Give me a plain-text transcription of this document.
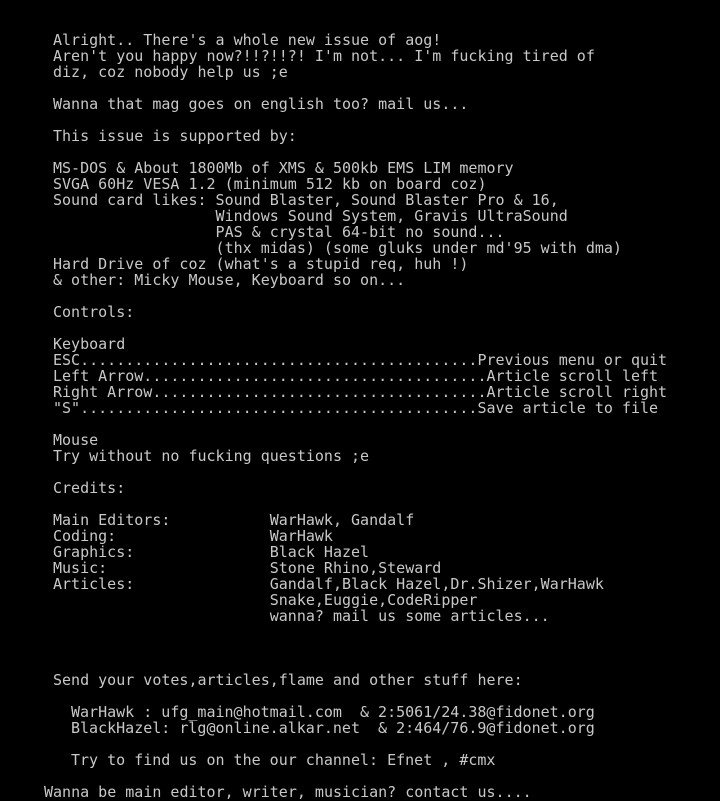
Alright.. There's a whole new issue of aog!
Aren't you happy now?!!?!!?! I'm not... I'm fucking tired of
diz, coz nobody help us ;e
Wanna that mag goes on english too? mail us...
This issue is supported by:
MS-DOS & About 1800Mb of XMS & 500kb EMS LIM memory
SVGA 60Hz VESA 1.2 (minimum 512 kb on board coz)
Sound card likes: Sound Blaster, Sound Blaster Pro & 16,
Windows Sound System, Gravis UltraSound
PAS & crystal 64-bit no sound...
(thx midas) (some gluks under md'95 with dma)
Hard Drive of coz (what's a stupid req, huh !)
& other: Micky Mouse, Keyboard so on...
Controls:
Keyboard
ESC............................................Previous menu or quit
Left Arrow......................................Article scroll left
Right Arrow.....................................Article scroll right
"S"............................................Save article to file
Mouse
Try without no fucking questions ;e
Credits:
Main Editors:           WarHawk, Gandalf
Coding:                 WarHawk
Graphics:               Black Hazel
Music:                  Stone Rhino,Steward
Articles:               Gandalf,Black Hazel,Dr.Shizer,WarHawk
Snake,Euggie,CodeRipper
wanna? mail us some articles...
Send your votes,articles,flame and other stuff here:
WarHawk : ufg_main@hotmail.com  & 2:5061/24.38@fidonet.org
BlackHazel: rlg@online.alkar.net  & 2:464/76.9@fidonet.org
Try to find us on the our channel: Efnet , #cmx
Wanna be main editor, writer, musician? contact us....
